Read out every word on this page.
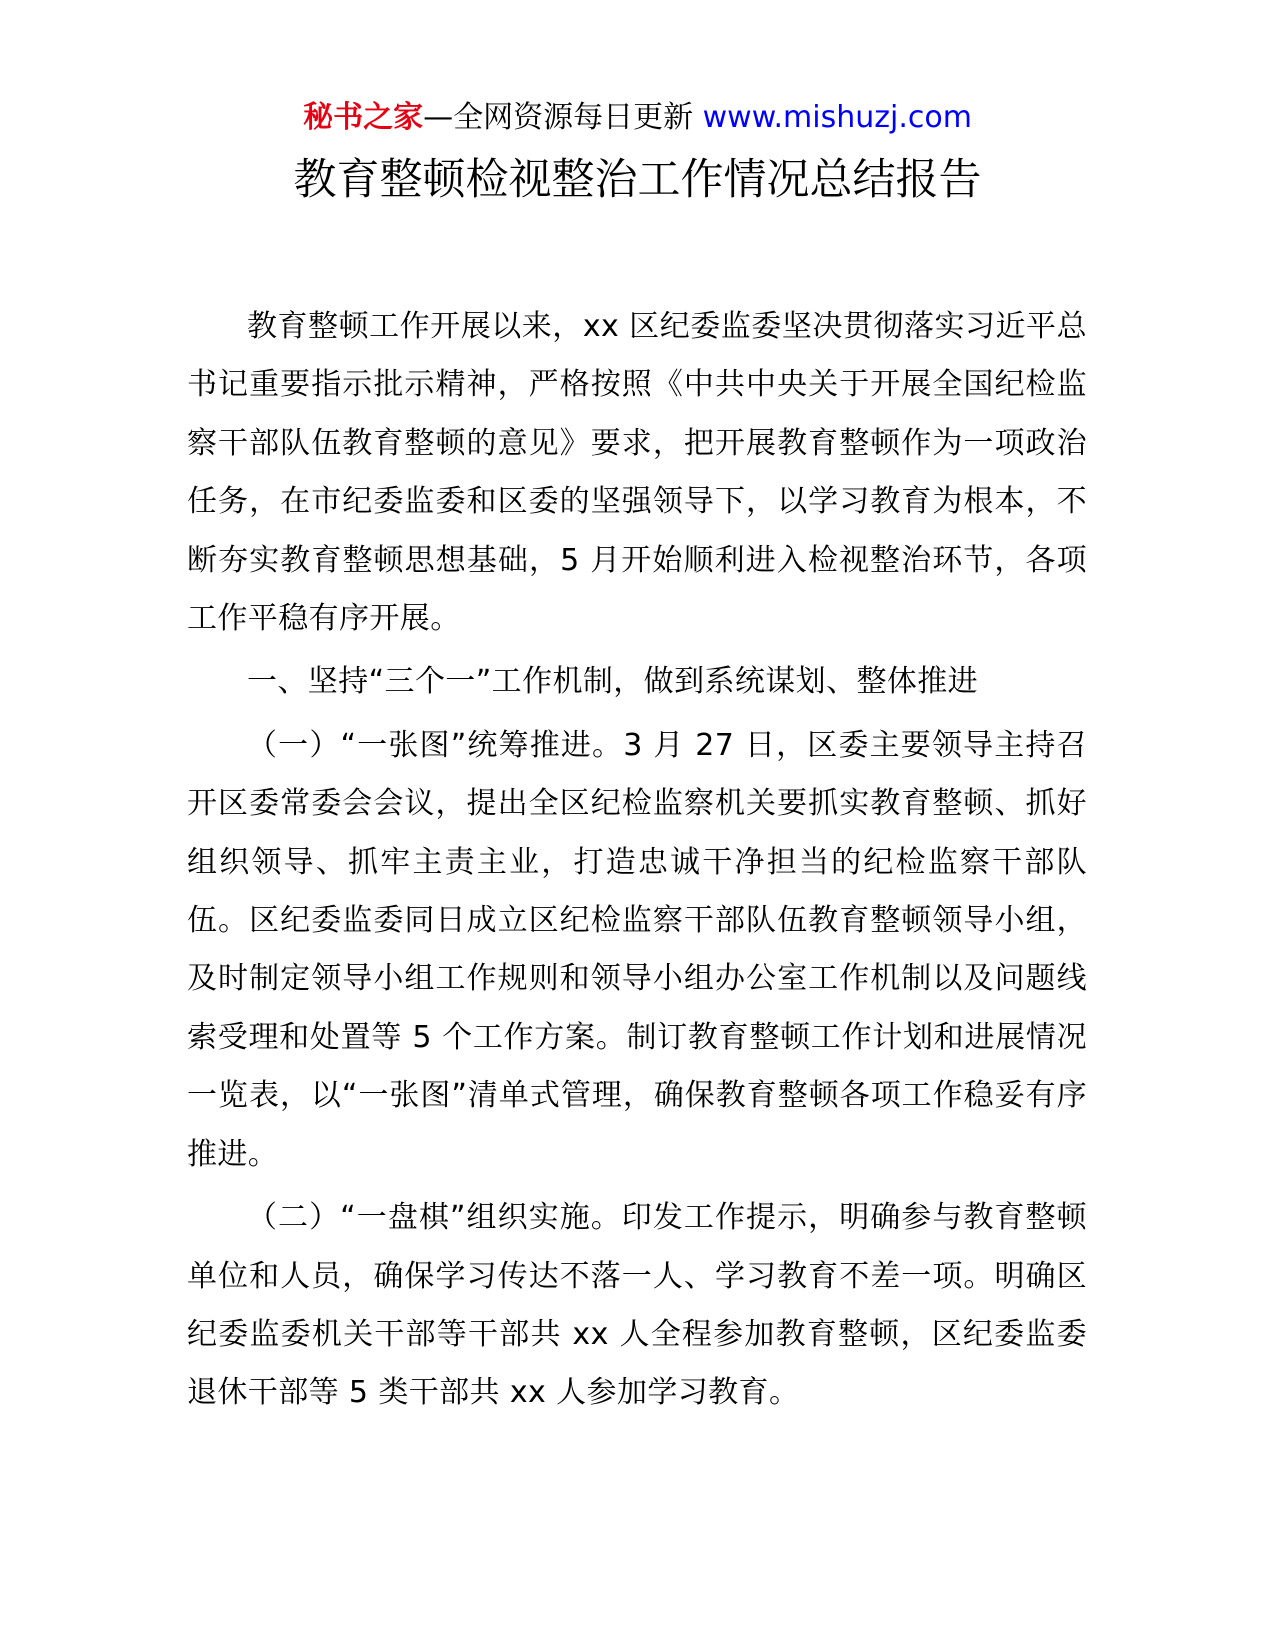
秘书之家—全网资源每日更新 www.mishuzj.com
教育整顿检视整治工作情况总结报告

教育整顿工作开展以来，xx 区纪委监委坚决贯彻落实习近平总书记重要指示批示精神，严格按照《中共中央关于开展全国纪检监察干部队伍教育整顿的意见》要求，把开展教育整顿作为一项政治任务，在市纪委监委和区委的坚强领导下，以学习教育为根本，不断夯实教育整顿思想基础，5 月开始顺利进入检视整治环节，各项工作平稳有序开展。

一、坚持“三个一”工作机制，做到系统谋划、整体推进

（一）“一张图”统筹推进。3 月 27 日，区委主要领导主持召开区委常委会会议，提出全区纪检监察机关要抓实教育整顿、抓好组织领导、抓牢主责主业，打造忠诚干净担当的纪检监察干部队伍。区纪委监委同日成立区纪检监察干部队伍教育整顿领导小组，及时制定领导小组工作规则和领导小组办公室工作机制以及问题线索受理和处置等 5 个工作方案。制订教育整顿工作计划和进展情况一览表，以“一张图”清单式管理，确保教育整顿各项工作稳妥有序推进。

（二）“一盘棋”组织实施。印发工作提示，明确参与教育整顿单位和人员，确保学习传达不落一人、学习教育不差一项。明确区纪委监委机关干部等干部共 xx 人全程参加教育整顿，区纪委监委退休干部等 5 类干部共 xx 人参加学习教育。
